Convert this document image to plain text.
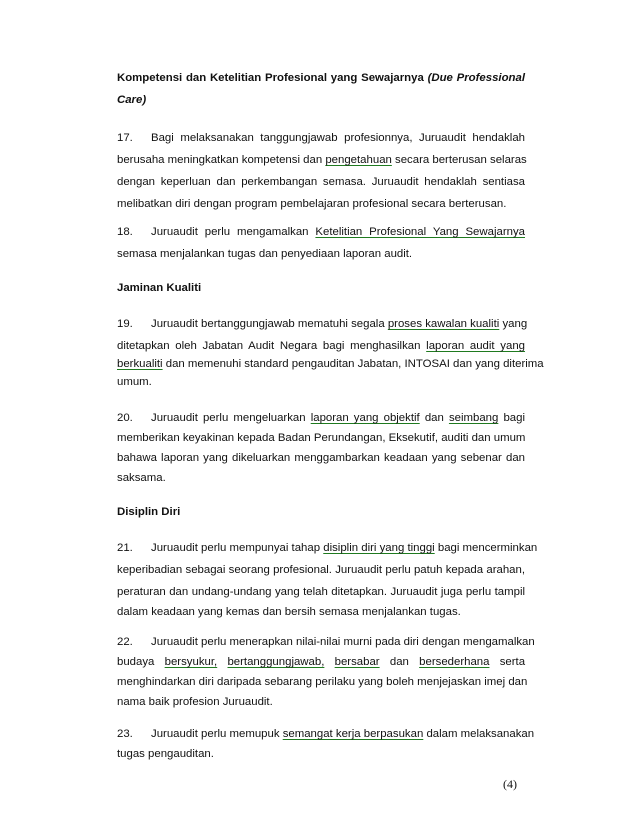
Kompetensi dan Ketelitian Profesional yang Sewajarnya (Due Professional
Care)
17. Bagi melaksanakan tanggungjawab profesionnya, Juruaudit hendaklah
berusaha meningkatkan kompetensi dan pengetahuan secara berterusan selaras
dengan keperluan dan perkembangan semasa. Juruaudit hendaklah sentiasa
melibatkan diri dengan program pembelajaran profesional secara berterusan.
18. Juruaudit perlu mengamalkan Ketelitian Profesional Yang Sewajarnya
semasa menjalankan tugas dan penyediaan laporan audit.
Jaminan Kualiti
19. Juruaudit bertanggungjawab mematuhi segala proses kawalan kualiti yang
ditetapkan oleh Jabatan Audit Negara bagi menghasilkan laporan audit yang
berkualiti dan memenuhi standard pengauditan Jabatan, INTOSAI dan yang diterima
umum.
20. Juruaudit perlu mengeluarkan laporan yang objektif dan seimbang bagi
memberikan keyakinan kepada Badan Perundangan, Eksekutif, auditi dan umum
bahawa laporan yang dikeluarkan menggambarkan keadaan yang sebenar dan
saksama.
Disiplin Diri
21. Juruaudit perlu mempunyai tahap disiplin diri yang tinggi bagi mencerminkan
keperibadian sebagai seorang profesional. Juruaudit perlu patuh kepada arahan,
peraturan dan undang-undang yang telah ditetapkan. Juruaudit juga perlu tampil
dalam keadaan yang kemas dan bersih semasa menjalankan tugas.
22. Juruaudit perlu menerapkan nilai-nilai murni pada diri dengan mengamalkan
budaya bersyukur, bertanggungjawab, bersabar dan bersederhana serta
menghindarkan diri daripada sebarang perilaku yang boleh menjejaskan imej dan
nama baik profesion Juruaudit.
23. Juruaudit perlu memupuk semangat kerja berpasukan dalam melaksanakan
tugas pengauditan.
(4)
